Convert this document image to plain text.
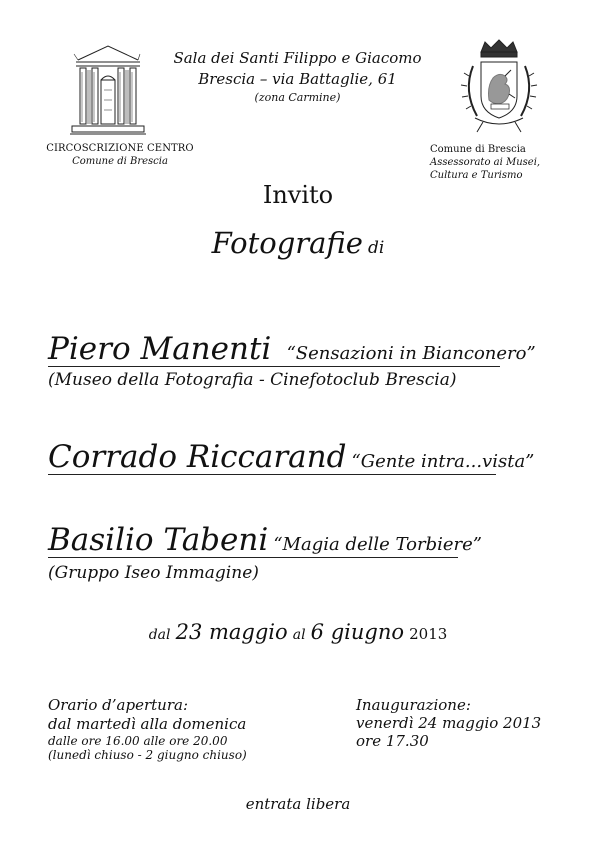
Sala dei Santi Filippo e Giacomo
Brescia – via Battaglie, 61
(zona Carmine)
CIRCOSCRIZIONE CENTRO
Comune di Brescia
Comune di Brescia
Assessorato ai Musei,
Cultura e Turismo
Invito
Fotografie di
Piero Manenti “Sensazioni in Bianconero”
(Museo della Fotografia - Cinefotoclub Brescia)
Corrado Riccarand “Gente intra...vista”
Basilio Tabeni “Magia delle Torbiere”
(Gruppo Iseo Immagine)
dal 23 maggio al 6 giugno 2013
Orario d’apertura:
dal martedì alla domenica
dalle ore 16.00 alle ore 20.00
(lunedì chiuso - 2 giugno chiuso)
Inaugurazione:
venerdì 24 maggio 2013
ore 17.30
entrata libera
